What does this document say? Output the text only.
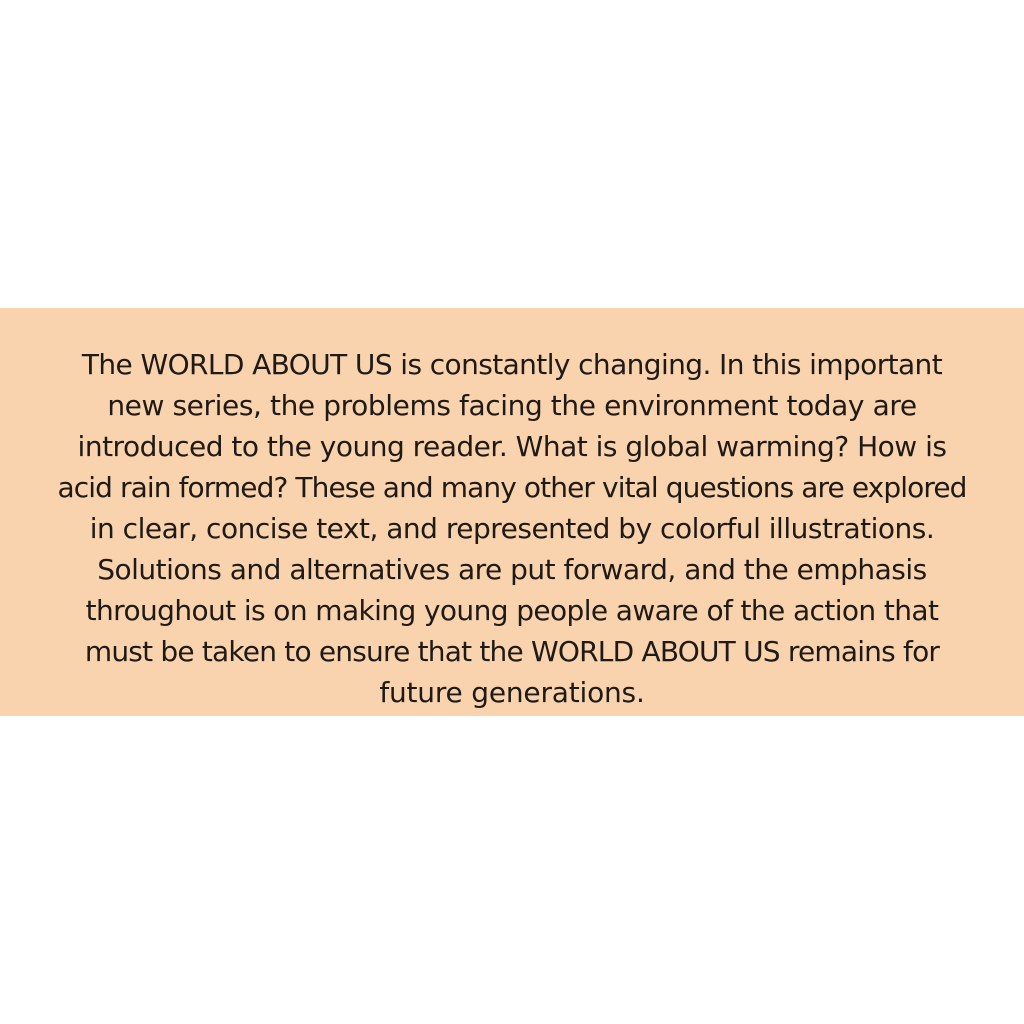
The WORLD ABOUT US is constantly changing. In this important
new series, the problems facing the environment today are
introduced to the young reader. What is global warming? How is
acid rain formed? These and many other vital questions are explored
in clear, concise text, and represented by colorful illustrations.
Solutions and alternatives are put forward, and the emphasis
throughout is on making young people aware of the action that
must be taken to ensure that the WORLD ABOUT US remains for
future generations.
